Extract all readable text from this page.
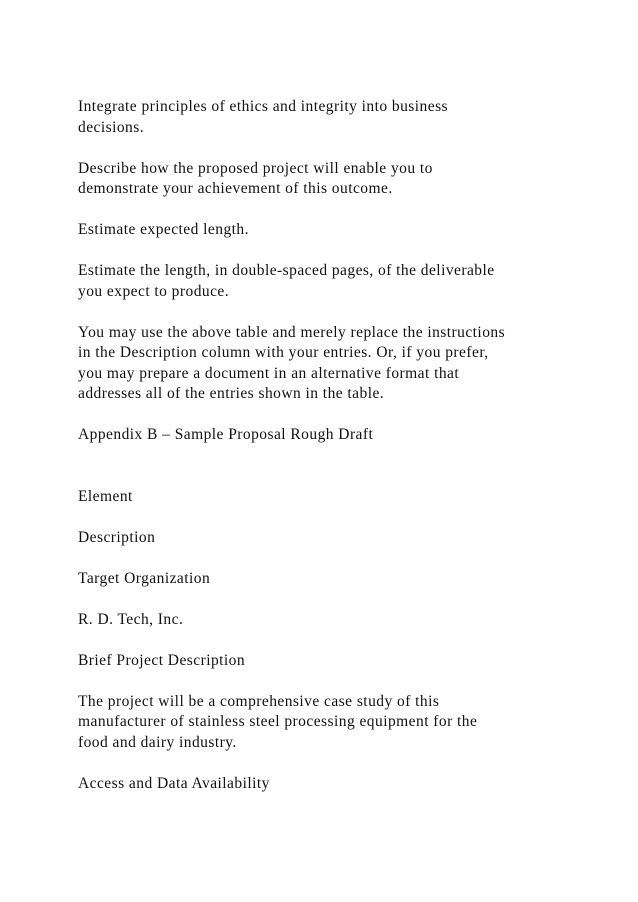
Integrate principles of ethics and integrity into business
decisions.

Describe how the proposed project will enable you to
demonstrate your achievement of this outcome.

Estimate expected length.

Estimate the length, in double-spaced pages, of the deliverable
you expect to produce.

You may use the above table and merely replace the instructions
in the Description column with your entries. Or, if you prefer,
you may prepare a document in an alternative format that
addresses all of the entries shown in the table.

Appendix B – Sample Proposal Rough Draft

Element

Description

Target Organization

R. D. Tech, Inc.

Brief Project Description

The project will be a comprehensive case study of this
manufacturer of stainless steel processing equipment for the
food and dairy industry.

Access and Data Availability
